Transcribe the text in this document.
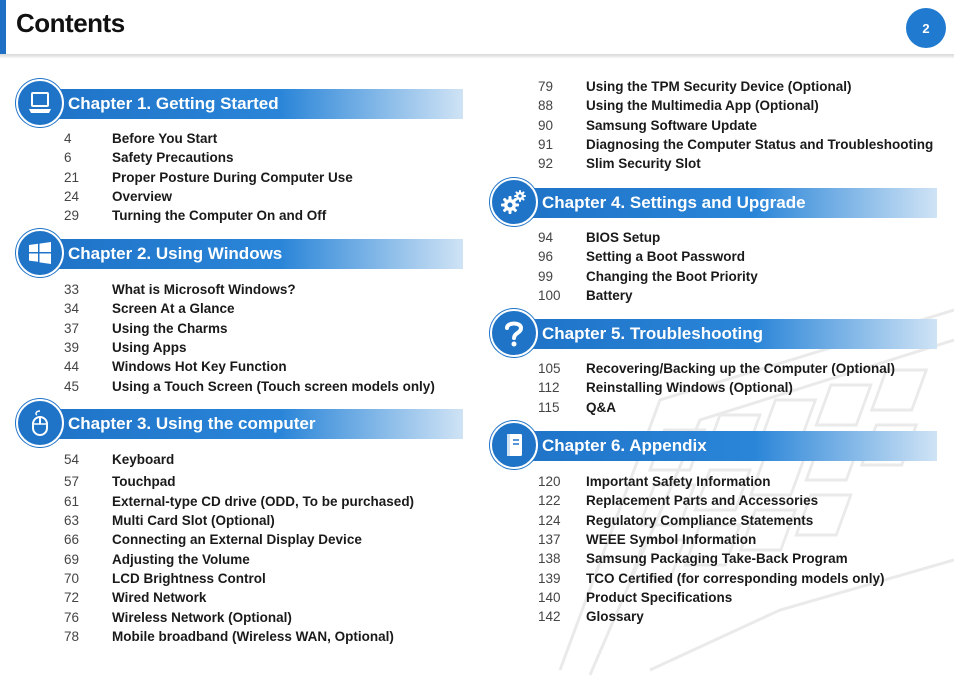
Contents	2
Chapter 1. Getting Started
4	Before You Start
6	Safety Precautions
21	Proper Posture During Computer Use
24	Overview
29	Turning the Computer On and Off
Chapter 2. Using Windows
33	What is Microsoft Windows?
34	Screen At a Glance
37	Using the Charms
39	Using Apps
44	Windows Hot Key Function
45	Using a Touch Screen (Touch screen models only)
Chapter 3. Using the computer
54	Keyboard
57	Touchpad
61	External-type CD drive (ODD, To be purchased)
63	Multi Card Slot (Optional)
66	Connecting an External Display Device
69	Adjusting the Volume
70	LCD Brightness Control
72	Wired Network
76	Wireless Network (Optional)
78	Mobile broadband (Wireless WAN, Optional)
79	Using the TPM Security Device (Optional)
88	Using the Multimedia App (Optional)
90	Samsung Software Update
91	Diagnosing the Computer Status and Troubleshooting
92	Slim Security Slot
Chapter 4. Settings and Upgrade
94	BIOS Setup
96	Setting a Boot Password
99	Changing the Boot Priority
100	Battery
Chapter 5. Troubleshooting
105	Recovering/Backing up the Computer (Optional)
112	Reinstalling Windows (Optional)
115	Q&A
Chapter 6. Appendix
120	Important Safety Information
122	Replacement Parts and Accessories
124	Regulatory Compliance Statements
137	WEEE Symbol Information
138	Samsung Packaging Take-Back Program
139	TCO Certified (for corresponding models only)
140	Product Specifications
142	Glossary
